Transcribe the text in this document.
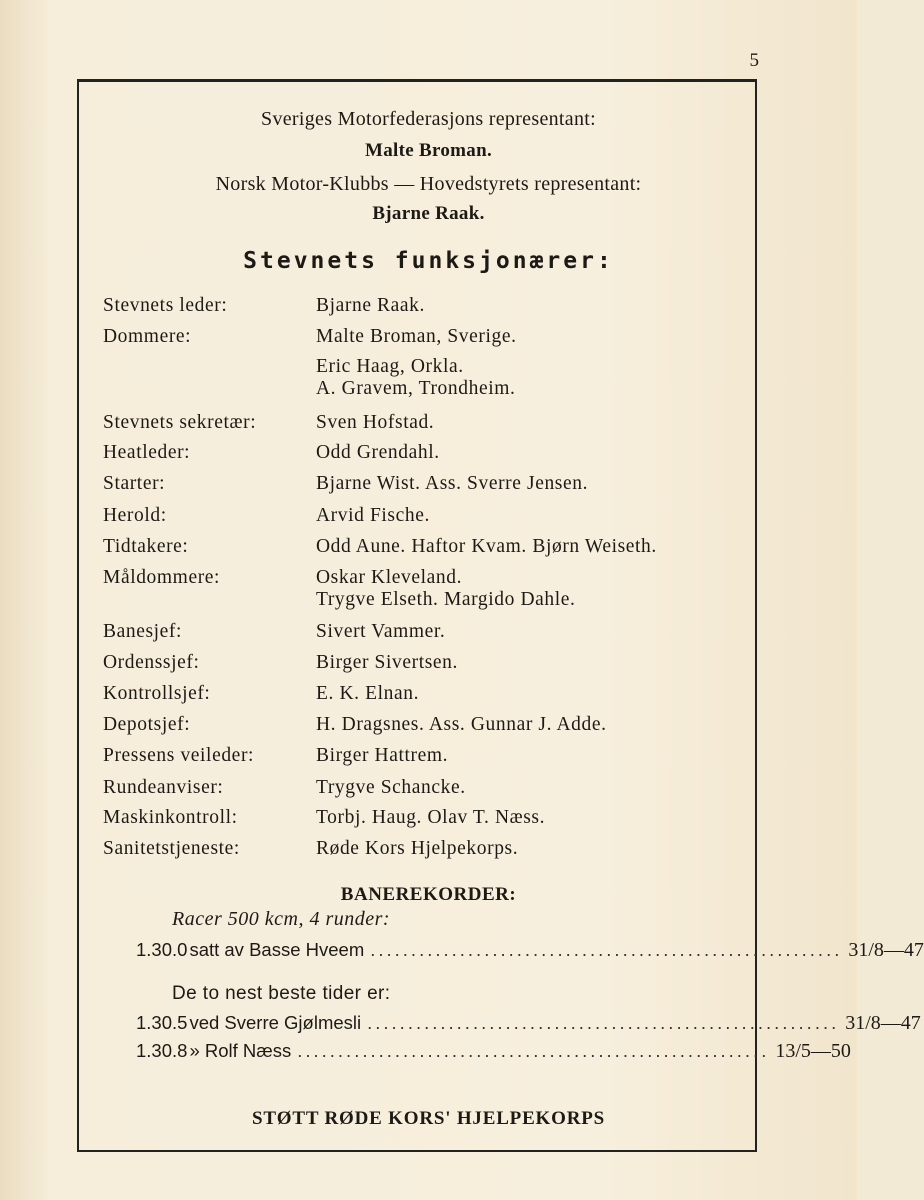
5
Sveriges Motorfederasjons representant:
Malte Broman.
Norsk Motor-Klubbs — Hovedstyrets representant:
Bjarne Raak.
Stevnets funksjonærer:
Stevnets leder:	Bjarne Raak.
Dommere:	Malte Broman, Sverige.
Eric Haag, Orkla.
A. Gravem, Trondheim.
Stevnets sekretær:	Sven Hofstad.
Heatleder:	Odd Grendahl.
Starter:	Bjarne Wist. Ass. Sverre Jensen.
Herold:	Arvid Fische.
Tidtakere:	Odd Aune. Haftor Kvam. Bjørn Weiseth.
Måldommere:	Oskar Kleveland.
Trygve Elseth. Margido Dahle.
Banesjef:	Sivert Vammer.
Ordenssjef:	Birger Sivertsen.
Kontrollsjef:	E. K. Elnan.
Depotsjef:	H. Dragsnes. Ass. Gunnar J. Adde.
Pressens veileder:	Birger Hattrem.
Rundeanviser:	Trygve Schancke.
Maskinkontroll:	Torbj. Haug. Olav T. Næss.
Sanitetstjeneste:	Røde Kors Hjelpekorps.
BANEREKORDER:
Racer 500 kcm, 4 runder:
1.30.0 satt av Basse Hveem .......................................................... 31/8—47
De to nest beste tider er:
1.30.5 ved Sverre Gjølmesli .......................................................... 31/8—47
1.30.8 » Rolf Næss .......................................................... 13/5—50
STØTT RØDE KORS' HJELPEKORPS
